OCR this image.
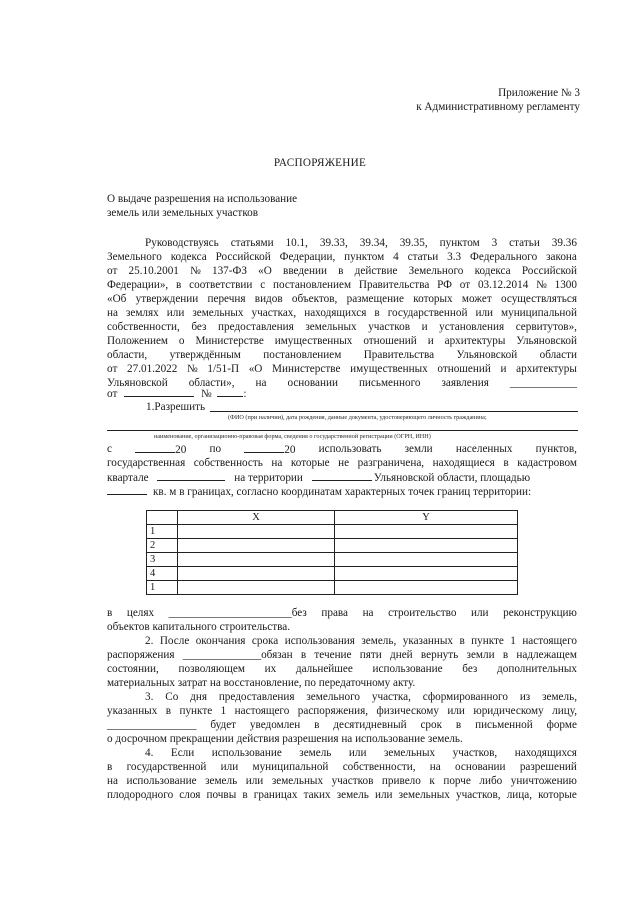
Приложение № 3
к Административному регламенту
РАСПОРЯЖЕНИЕ
О выдаче разрешения на использование
земель или земельных участков
Руководствуясь статьями 10.1, 39.33, 39.34, 39.35, пунктом 3 статьи 39.36
Земельного кодекса Российской Федерации, пунктом 4 статьи 3.3 Федерального закона
от 25.10.2001 № 137-ФЗ «О введении в действие Земельного кодекса Российской
Федерации», в соответствии с постановлением Правительства РФ от 03.12.2014 № 1300
«Об утверждении перечня видов объектов, размещение которых может осуществляться
на землях или земельных участках, находящихся в государственной или муниципальной
собственности, без предоставления земельных участков и установления сервитутов»,
Положением о Министерстве имущественных отношений и архитектуры Ульяновской
области, утверждённым постановлением Правительства Ульяновской области
от 27.01.2022 № 1/51-П «О Министерстве имущественных отношений и архитектуры
Ульяновской области», на основании письменного заявления ____________
от	№	:
1.Разрешить
(ФИО (при наличии), дата рождения, данные документа, удостоверяющего личность гражданина;
наименование, организационно-правовая форма, сведения о государственной регистрации (ОГРН, ИНН)
с	20 по	20 использовать земли населенных пунктов,
государственная собственность на которые не разграничена, находящиеся в кадастровом
квартале	на территории	Ульяновской области, площадью
кв. м в границах, согласно координатам характерных точек границ территории:
	X	Y
1		
2		
3		
4		
1		
в целях ______________________без права на строительство или реконструкцию
объектов капитального строительства.
2. После окончания срока использования земель, указанных в пункте 1 настоящего
распоряжения ______________обязан в течение пяти дней вернуть земли в надлежащем
состоянии, позволяющем их дальнейшее использование без дополнительных
материальных затрат на восстановление, по передаточному акту.
3. Со дня предоставления земельного участка, сформированного из земель,
указанных в пункте 1 настоящего распоряжения, физическому или юридическому лицу,
________________ будет уведомлен в десятидневный срок в письменной форме
о досрочном прекращении действия разрешения на использование земель.
4. Если использование земель или земельных участков, находящихся
в государственной или муниципальной собственности, на основании разрешений
на использование земель или земельных участков привело к порче либо уничтожению
плодородного слоя почвы в границах таких земель или земельных участков, лица, которые
